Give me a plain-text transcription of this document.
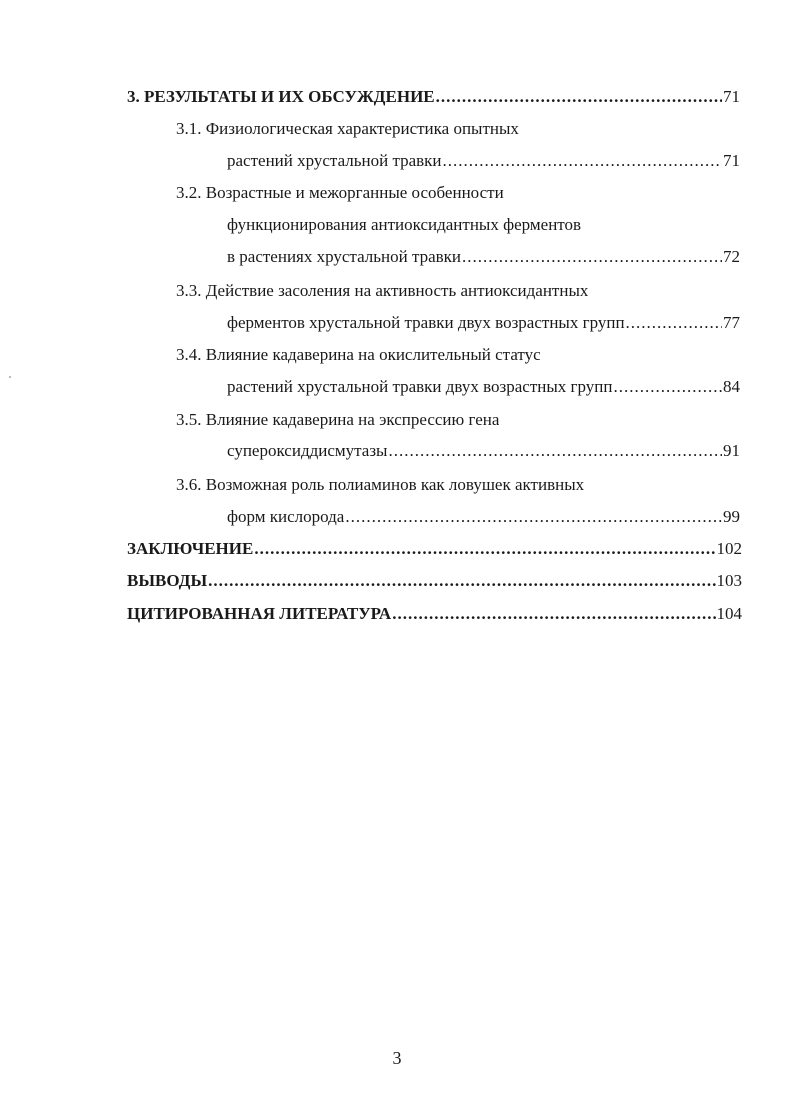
3. РЕЗУЛЬТАТЫ И ИХ ОБСУЖДЕНИЕ .....	71
3.1. Физиологическая характеристика опытных
растений хрустальной травки .....	71
3.2. Возрастные и межорганные особенности
функционирования антиоксидантных ферментов
в растениях хрустальной травки .....	72
3.3. Действие засоления на активность антиоксидантных
ферментов хрустальной травки двух возрастных групп .....	77
3.4. Влияние кадаверина на окислительный статус
растений хрустальной травки двух возрастных групп .....	84
3.5. Влияние кадаверина на экспрессию гена
супероксиддисмутазы .....	91
3.6. Возможная роль полиаминов как ловушек активных
форм кислорода .....	99
ЗАКЛЮЧЕНИЕ .....	102
ВЫВОДЫ .....	103
ЦИТИРОВАННАЯ ЛИТЕРАТУРА .....	104
3
